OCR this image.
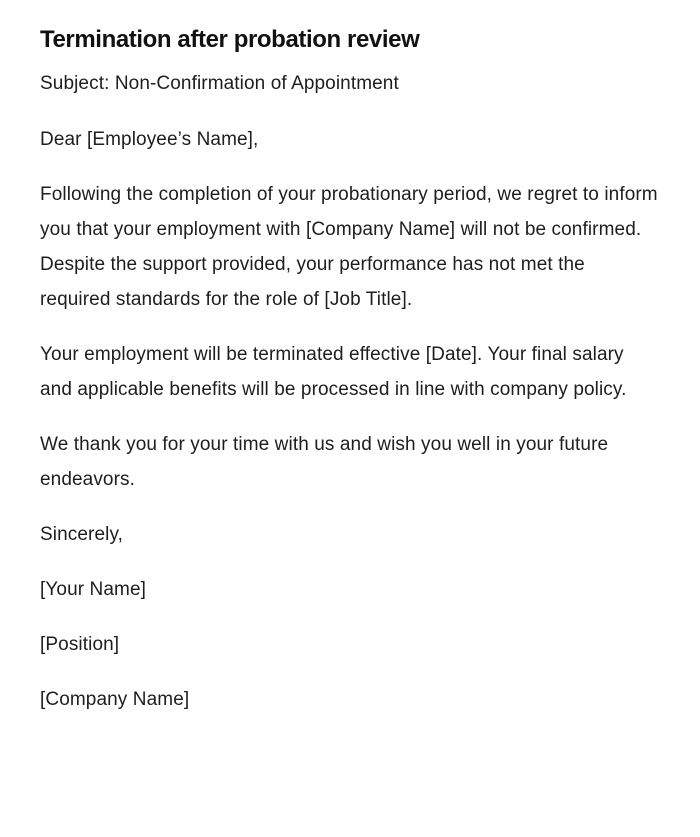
Termination after probation review

Subject: Non-Confirmation of Appointment

Dear [Employee’s Name],

Following the completion of your probationary period, we regret to inform you that your employment with [Company Name] will not be confirmed. Despite the support provided, your performance has not met the required standards for the role of [Job Title].

Your employment will be terminated effective [Date]. Your final salary and applicable benefits will be processed in line with company policy.

We thank you for your time with us and wish you well in your future endeavors.

Sincerely,

[Your Name]

[Position]

[Company Name]
